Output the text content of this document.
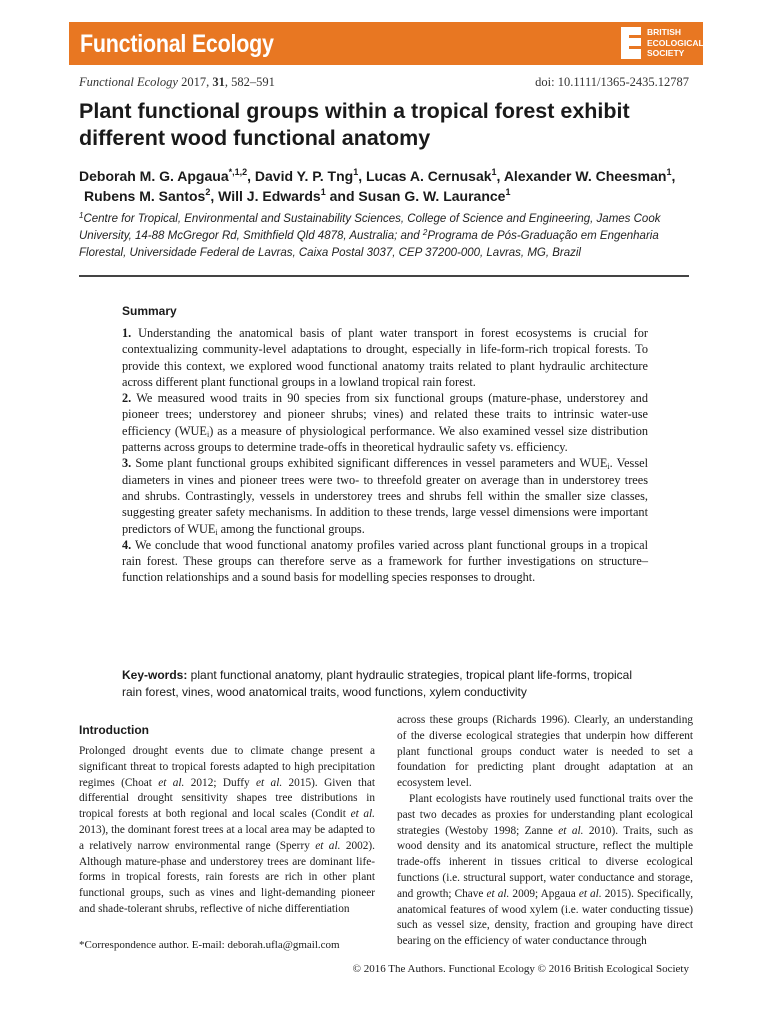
Functional Ecology	BRITISH
ECOLOGICAL
SOCIETY
Functional Ecology 2017, 31, 582–591	doi: 10.1111/1365-2435.12787
Plant functional groups within a tropical forest exhibit different wood functional anatomy
Deborah M. G. Apgaua$^{*,1,2}$, David Y. P. Tng$^1$, Lucas A. Cernusak$^1$, Alexander W. Cheesman$^1$, Rubens M. Santos$^2$, Will J. Edwards$^1$ and Susan G. W. Laurance$^1$
$^1$Centre for Tropical, Environmental and Sustainability Sciences, College of Science and Engineering, James Cook University, 14-88 McGregor Rd, Smithfield Qld 4878, Australia; and $^2$Programa de Pós-Graduação em Engenharia Florestal, Universidade Federal de Lavras, Caixa Postal 3037, CEP 37200-000, Lavras, MG, Brazil
Summary

1. Understanding the anatomical basis of plant water transport in forest ecosystems is crucial for contextualizing community-level adaptations to drought, especially in life-form-rich tropical forests. To provide this context, we explored wood functional anatomy traits related to plant hydraulic architecture across different plant functional groups in a lowland tropical rain forest.

2. We measured wood traits in 90 species from six functional groups (mature-phase, understorey and pioneer trees; understorey and pioneer shrubs; vines) and related these traits to intrinsic water-use efficiency $(WUE_i)$ as a measure of physiological performance. We also examined vessel size distribution patterns across groups to determine trade-offs in theoretical hydraulic safety vs. efficiency.

3. Some plant functional groups exhibited significant differences in vessel parameters and $WUE_i$. Vessel diameters in vines and pioneer trees were two- to threefold greater on average than in understorey trees and shrubs. Contrastingly, vessels in understorey trees and shrubs fell within the smaller size classes, suggesting greater safety mechanisms. In addition to these trends, large vessel dimensions were important predictors of $WUE_i$ among the functional groups.

4. We conclude that wood functional anatomy profiles varied across plant functional groups in a tropical rain forest. These groups can therefore serve as a framework for further investigations on structure–function relationships and a sound basis for modelling species responses to drought.

Key-words: plant functional anatomy, plant hydraulic strategies, tropical plant life-forms, tropical rain forest, vines, wood anatomical traits, wood functions, xylem conductivity
Introduction

Prolonged drought events due to climate change present a significant threat to tropical forests adapted to high precipitation regimes (Choat et al. 2012; Duffy et al. 2015). Given that differential drought sensitivity shapes tree distributions in tropical forests at both regional and local scales (Condit et al. 2013), the dominant forest trees at a local area may be adapted to a relatively narrow environmental range (Sperry et al. 2002). Although mature-phase and understorey trees are dominant life-forms in tropical forests, rain forests are rich in other plant functional groups, such as vines and light-demanding pioneer and shade-tolerant shrubs, reflective of niche differentiation

across these groups (Richards 1996). Clearly, an understanding of the diverse ecological strategies that underpin how different plant functional groups conduct water is needed to set a foundation for predicting plant drought adaptation at an ecosystem level.

Plant ecologists have routinely used functional traits over the past two decades as proxies for understanding plant ecological strategies (Westoby 1998; Zanne et al. 2010). Traits, such as wood density and its anatomical structure, reflect the multiple trade-offs inherent in tissues critical to diverse ecological functions (i.e. structural support, water conductance and storage, and growth; Chave et al. 2009; Apgaua et al. 2015). Specifically, anatomical features of wood xylem (i.e. water conducting tissue) such as vessel size, density, fraction and grouping have direct bearing on the efficiency of water conductance through

*Correspondence author. E-mail: deborah.ufla@gmail.com
© 2016 The Authors. Functional Ecology © 2016 British Ecological Society
